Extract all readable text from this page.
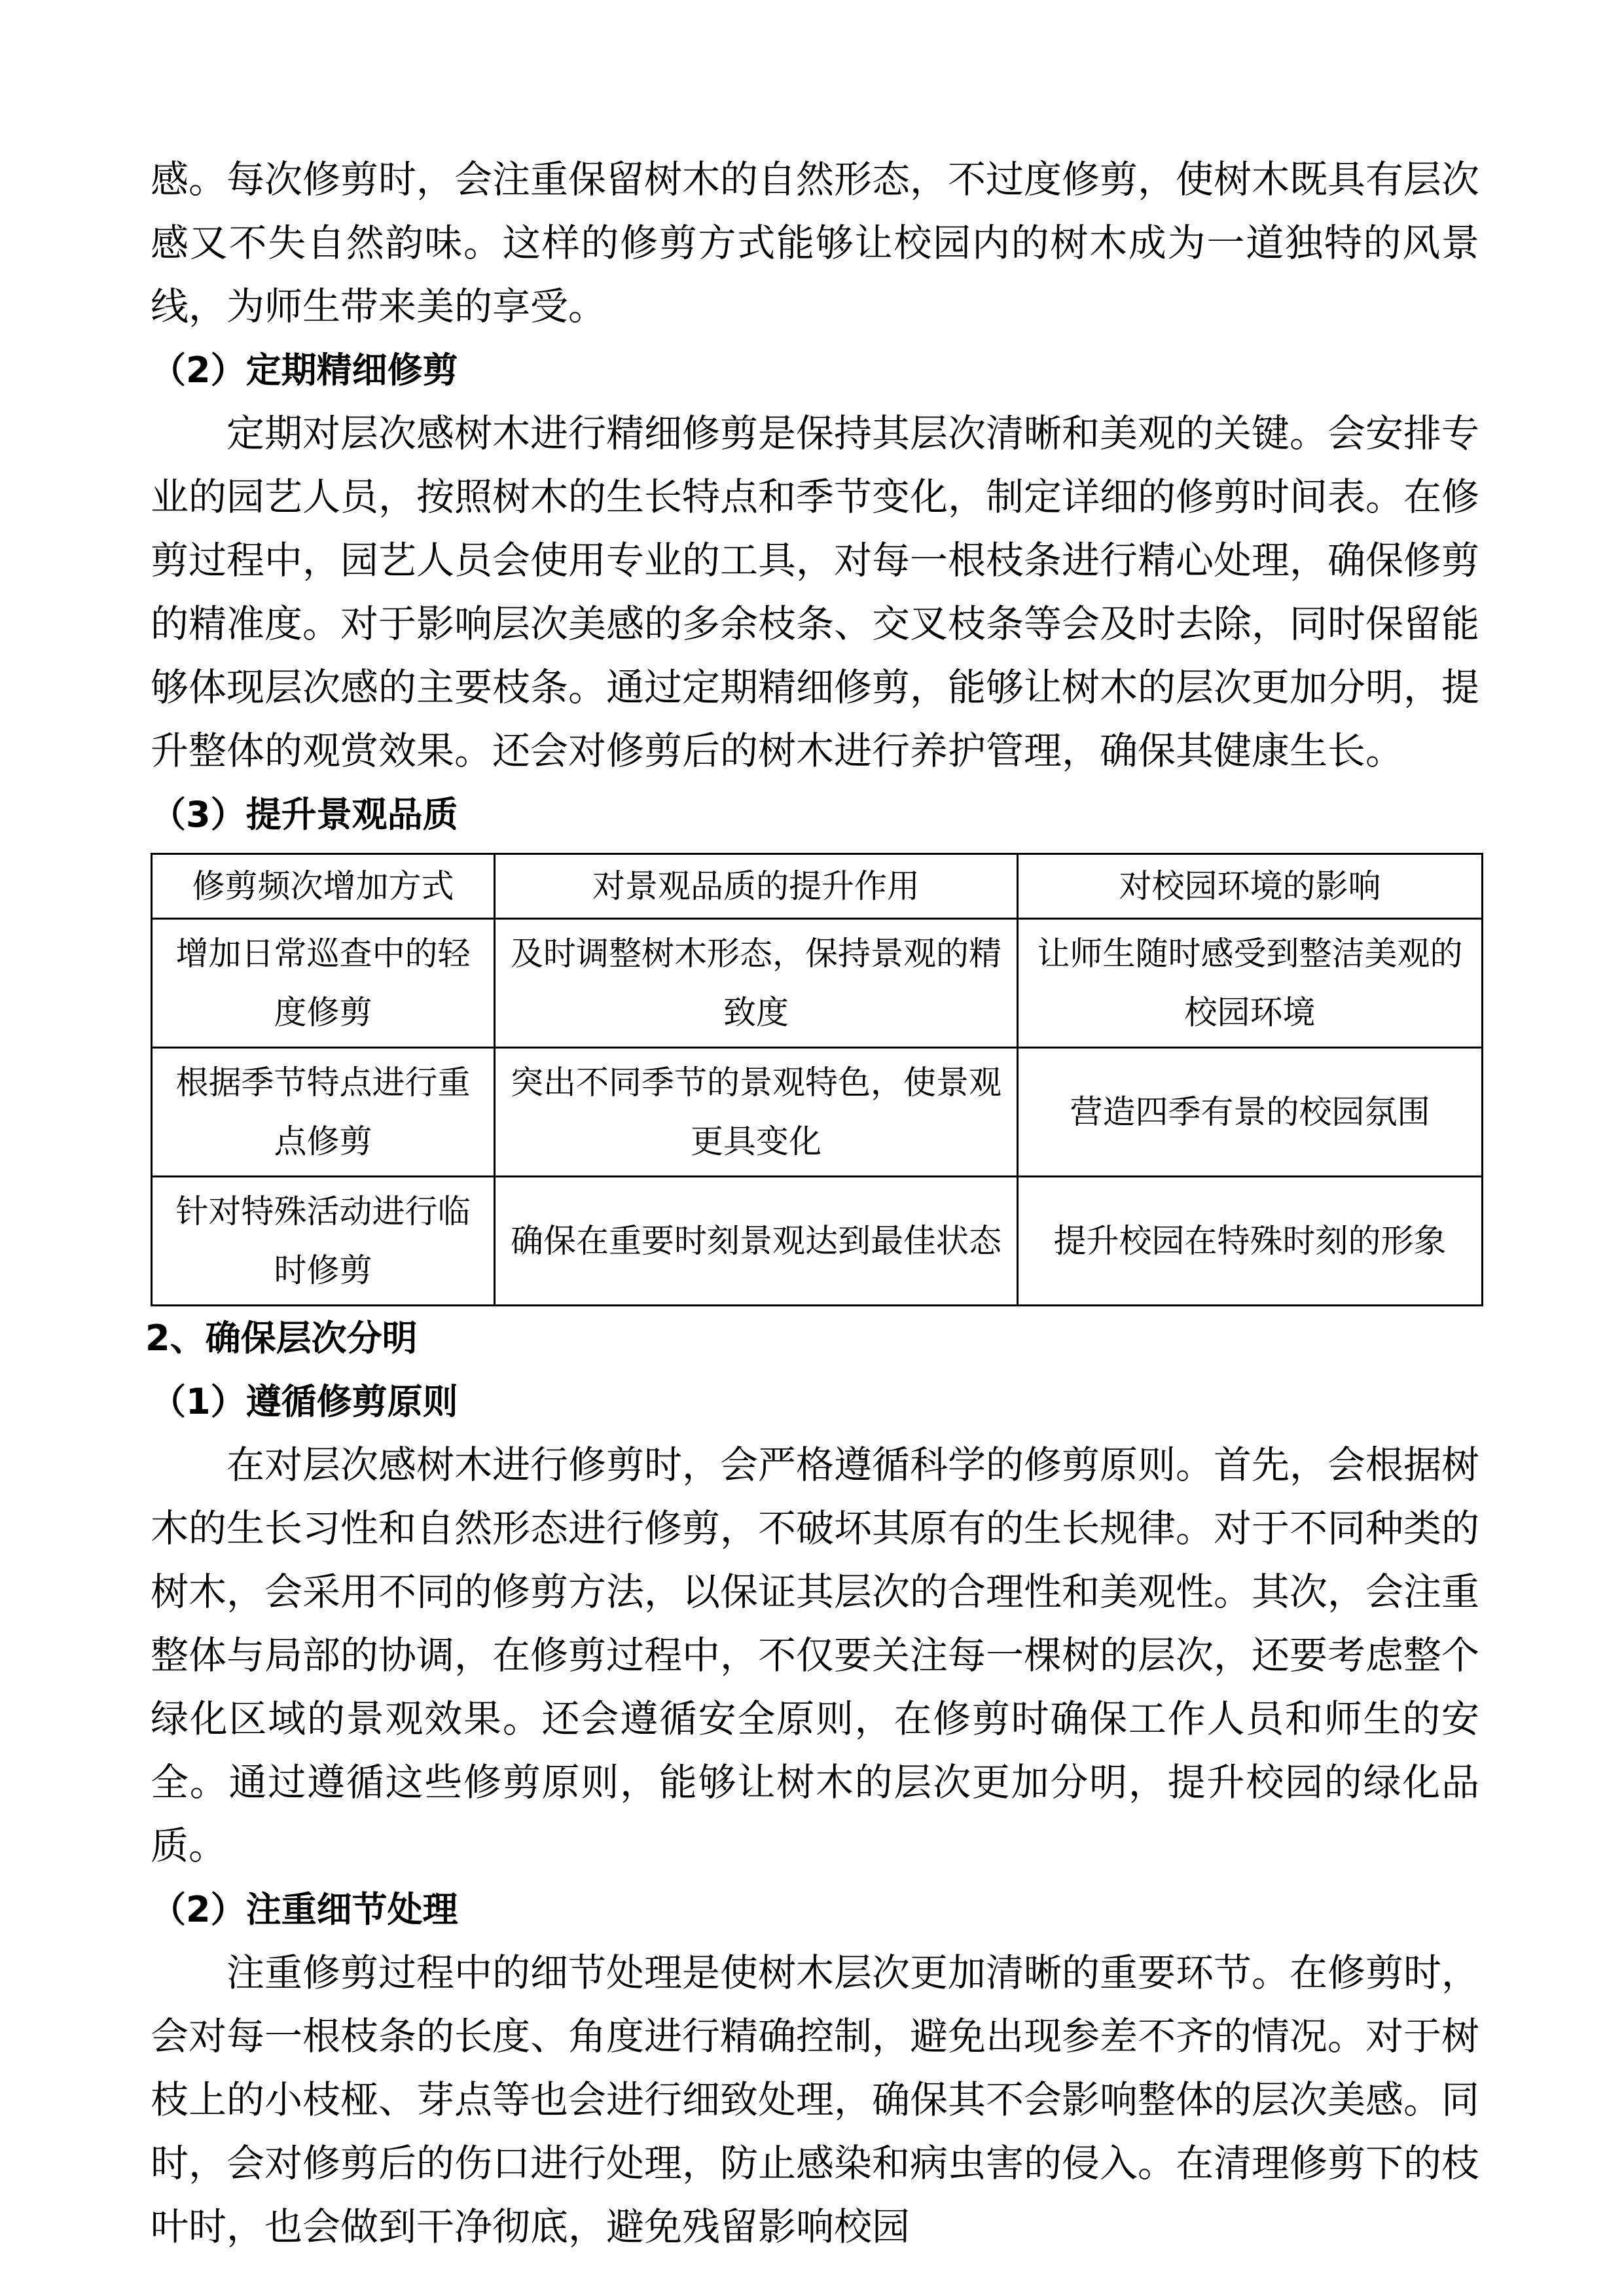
感。每次修剪时，会注重保留树木的自然形态，不过度修剪，使树木既具有层次感又不失自然韵味。这样的修剪方式能够让校园内的树木成为一道独特的风景线，为师生带来美的享受。

（2）定期精细修剪

定期对层次感树木进行精细修剪是保持其层次清晰和美观的关键。会安排专业的园艺人员，按照树木的生长特点和季节变化，制定详细的修剪时间表。在修剪过程中，园艺人员会使用专业的工具，对每一根枝条进行精心处理，确保修剪的精准度。对于影响层次美感的多余枝条、交叉枝条等会及时去除，同时保留能够体现层次感的主要枝条。通过定期精细修剪，能够让树木的层次更加分明，提升整体的观赏效果。还会对修剪后的树木进行养护管理，确保其健康生长。

（3）提升景观品质
修剪频次增加方式	对景观品质的提升作用	对校园环境的影响
增加日常巡查中的轻度修剪	及时调整树木形态，保持景观的精致度	让师生随时感受到整洁美观的校园环境
根据季节特点进行重点修剪	突出不同季节的景观特色，使景观更具变化	营造四季有景的校园氛围
针对特殊活动进行临时修剪	确保在重要时刻景观达到最佳状态	提升校园在特殊时刻的形象
2、确保层次分明
（1）遵循修剪原则

在对层次感树木进行修剪时，会严格遵循科学的修剪原则。首先，会根据树木的生长习性和自然形态进行修剪，不破坏其原有的生长规律。对于不同种类的树木，会采用不同的修剪方法，以保证其层次的合理性和美观性。其次，会注重整体与局部的协调，在修剪过程中，不仅要关注每一棵树的层次，还要考虑整个绿化区域的景观效果。还会遵循安全原则，在修剪时确保工作人员和师生的安全。通过遵循这些修剪原则，能够让树木的层次更加分明，提升校园的绿化品质。

（2）注重细节处理

注重修剪过程中的细节处理是使树木层次更加清晰的重要环节。在修剪时，会对每一根枝条的长度、角度进行精确控制，避免出现参差不齐的情况。对于树枝上的小枝桠、芽点等也会进行细致处理，确保其不会影响整体的层次美感。同时，会对修剪后的伤口进行处理，防止感染和病虫害的侵入。在清理修剪下的枝叶时，也会做到干净彻底，避免残留影响校园
